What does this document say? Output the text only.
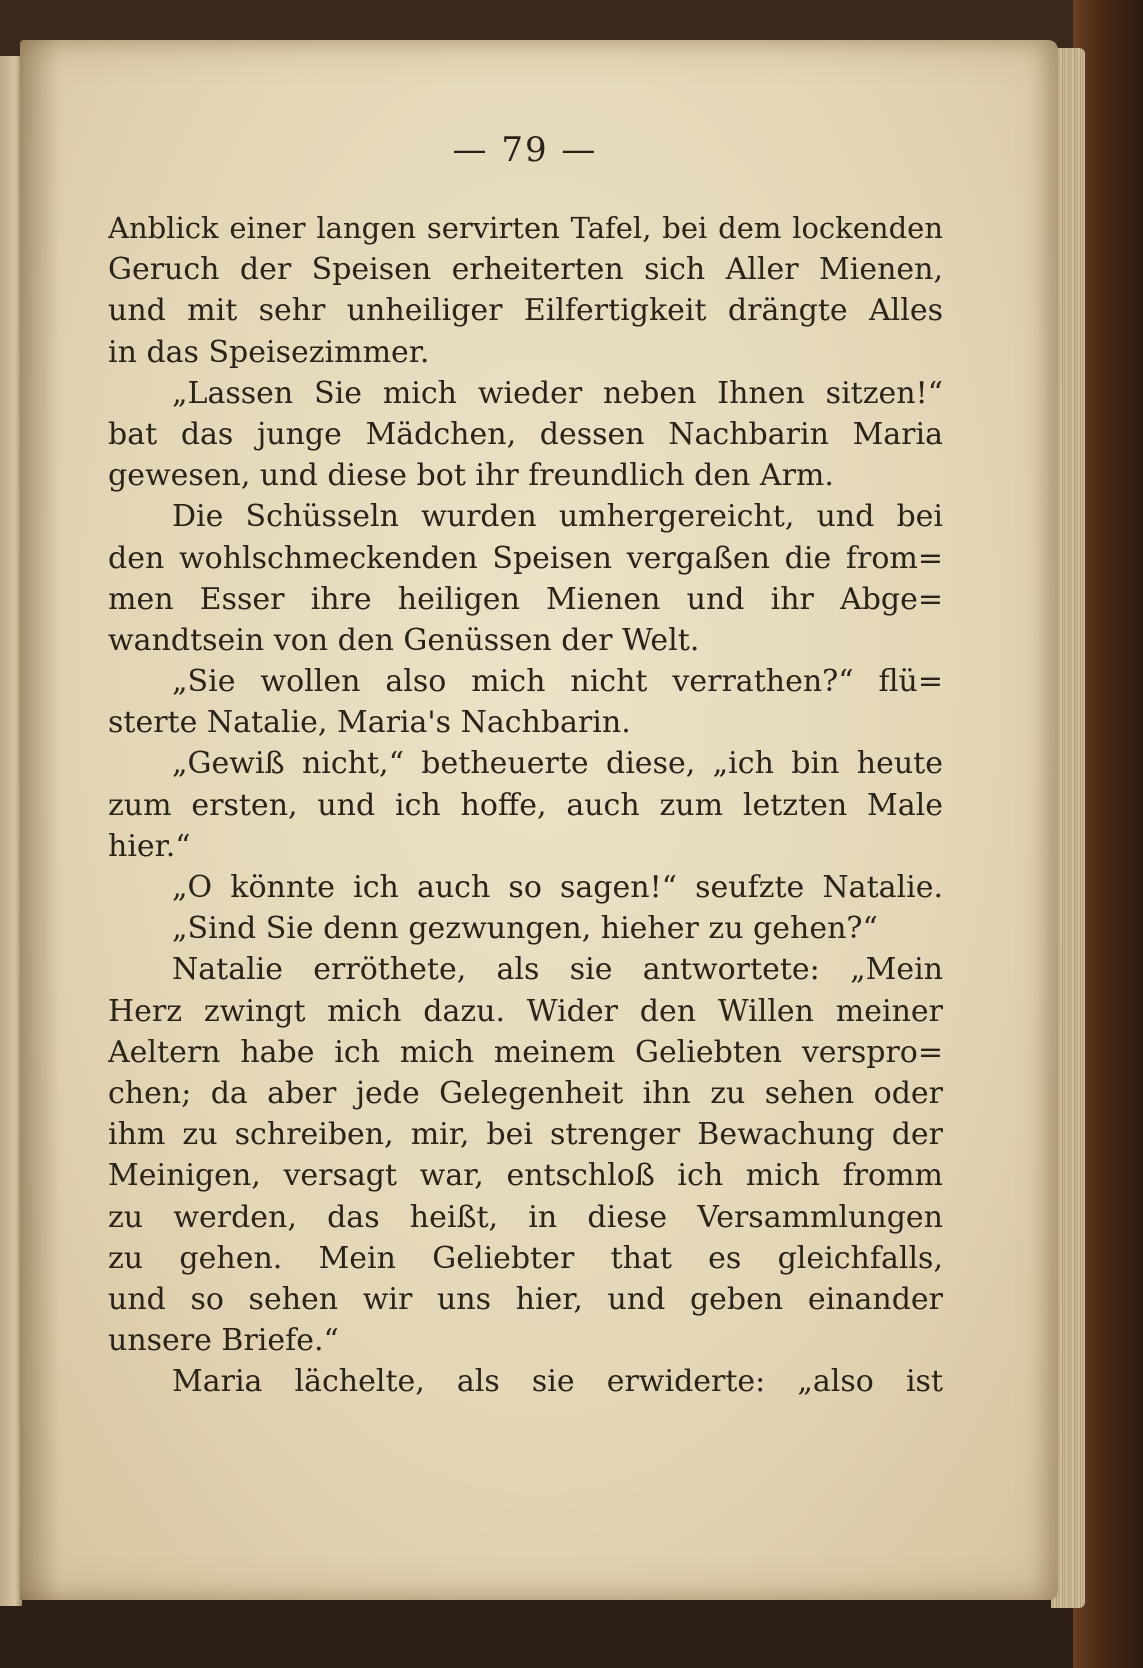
— 79 —
Anblick einer langen servirten Tafel, bei dem lockenden
Geruch der Speisen erheiterten sich Aller Mienen,
und mit sehr unheiliger Eilfertigkeit drängte Alles
in das Speisezimmer.
„Lassen Sie mich wieder neben Ihnen sitzen!“
bat das junge Mädchen, dessen Nachbarin Maria
gewesen, und diese bot ihr freundlich den Arm.
Die Schüsseln wurden umhergereicht, und bei
den wohlschmeckenden Speisen vergaßen die from=
men Esser ihre heiligen Mienen und ihr Abge=
wandtsein von den Genüssen der Welt.
„Sie wollen also mich nicht verrathen?“ flü=
sterte Natalie, Maria's Nachbarin.
„Gewiß nicht,“ betheuerte diese, „ich bin heute
zum ersten, und ich hoffe, auch zum letzten Male
hier.“
„O könnte ich auch so sagen!“ seufzte Natalie.
„Sind Sie denn gezwungen, hieher zu gehen?“
Natalie erröthete, als sie antwortete: „Mein
Herz zwingt mich dazu. Wider den Willen meiner
Aeltern habe ich mich meinem Geliebten verspro=
chen; da aber jede Gelegenheit ihn zu sehen oder
ihm zu schreiben, mir, bei strenger Bewachung der
Meinigen, versagt war, entschloß ich mich fromm
zu werden, das heißt, in diese Versammlungen
zu gehen. Mein Geliebter that es gleichfalls,
und so sehen wir uns hier, und geben einander
unsere Briefe.“
Maria lächelte, als sie erwiderte: „also ist
